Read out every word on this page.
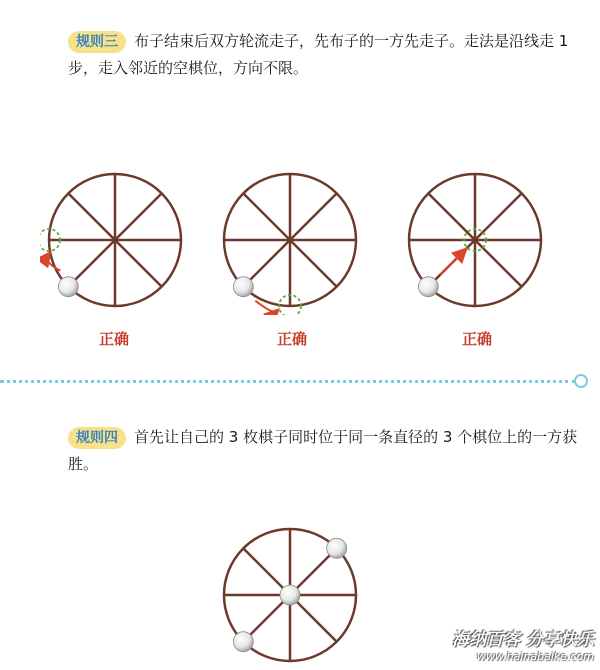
规则三 布子结束后双方轮流走子，先布子的一方先走子。走法是沿线走 1 步，走入邻近的空棋位，方向不限。
正确	正确	正确
规则四 首先让自己的 3 枚棋子同时位于同一条直径的 3 个棋位上的一方获胜。
海纳百客 分享快乐
www.hainabaike.com
